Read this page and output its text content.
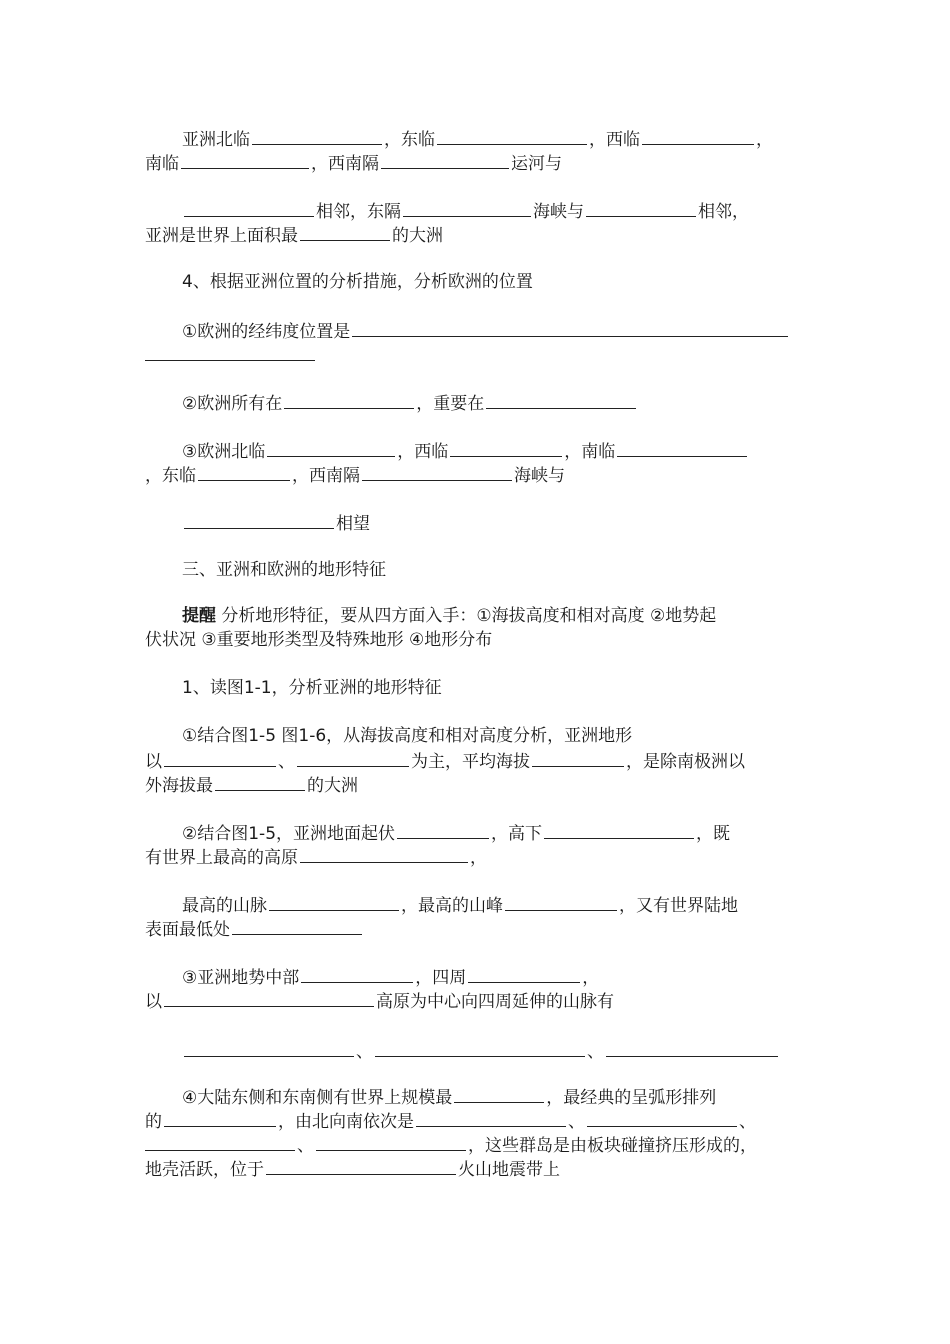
亚洲北临	，东临	，西临	，
南临	，西南隔	运河与
相邻，东隔	海峡与	相邻，
亚洲是世界上面积最	的大洲
4、根据亚洲位置的分析措施，分析欧洲的位置
①欧洲的经纬度位置是
②欧洲所有在	，重要在
③欧洲北临	，西临	，南临
，东临	，西南隔	海峡与
相望
三、亚洲和欧洲的地形特征
提醒 分析地形特征，要从四方面入手：①海拔高度和相对高度 ②地势起
伏状况 ③重要地形类型及特殊地形 ④地形分布
1、读图1-1，分析亚洲的地形特征
①结合图1-5 图1-6，从海拔高度和相对高度分析，亚洲地形
以	、	为主，平均海拔	，是除南极洲以
外海拔最	的大洲
②结合图1-5，亚洲地面起伏	，高下	，既
有世界上最高的高原	，
最高的山脉	，最高的山峰	，又有世界陆地
表面最低处
③亚洲地势中部	，四周	，
以	高原为中心向四周延伸的山脉有
、	、
④大陆东侧和东南侧有世界上规模最	，最经典的呈弧形排列
的	，由北向南依次是	、	、
、	，这些群岛是由板块碰撞挤压形成的，
地壳活跃，位于	火山地震带上
